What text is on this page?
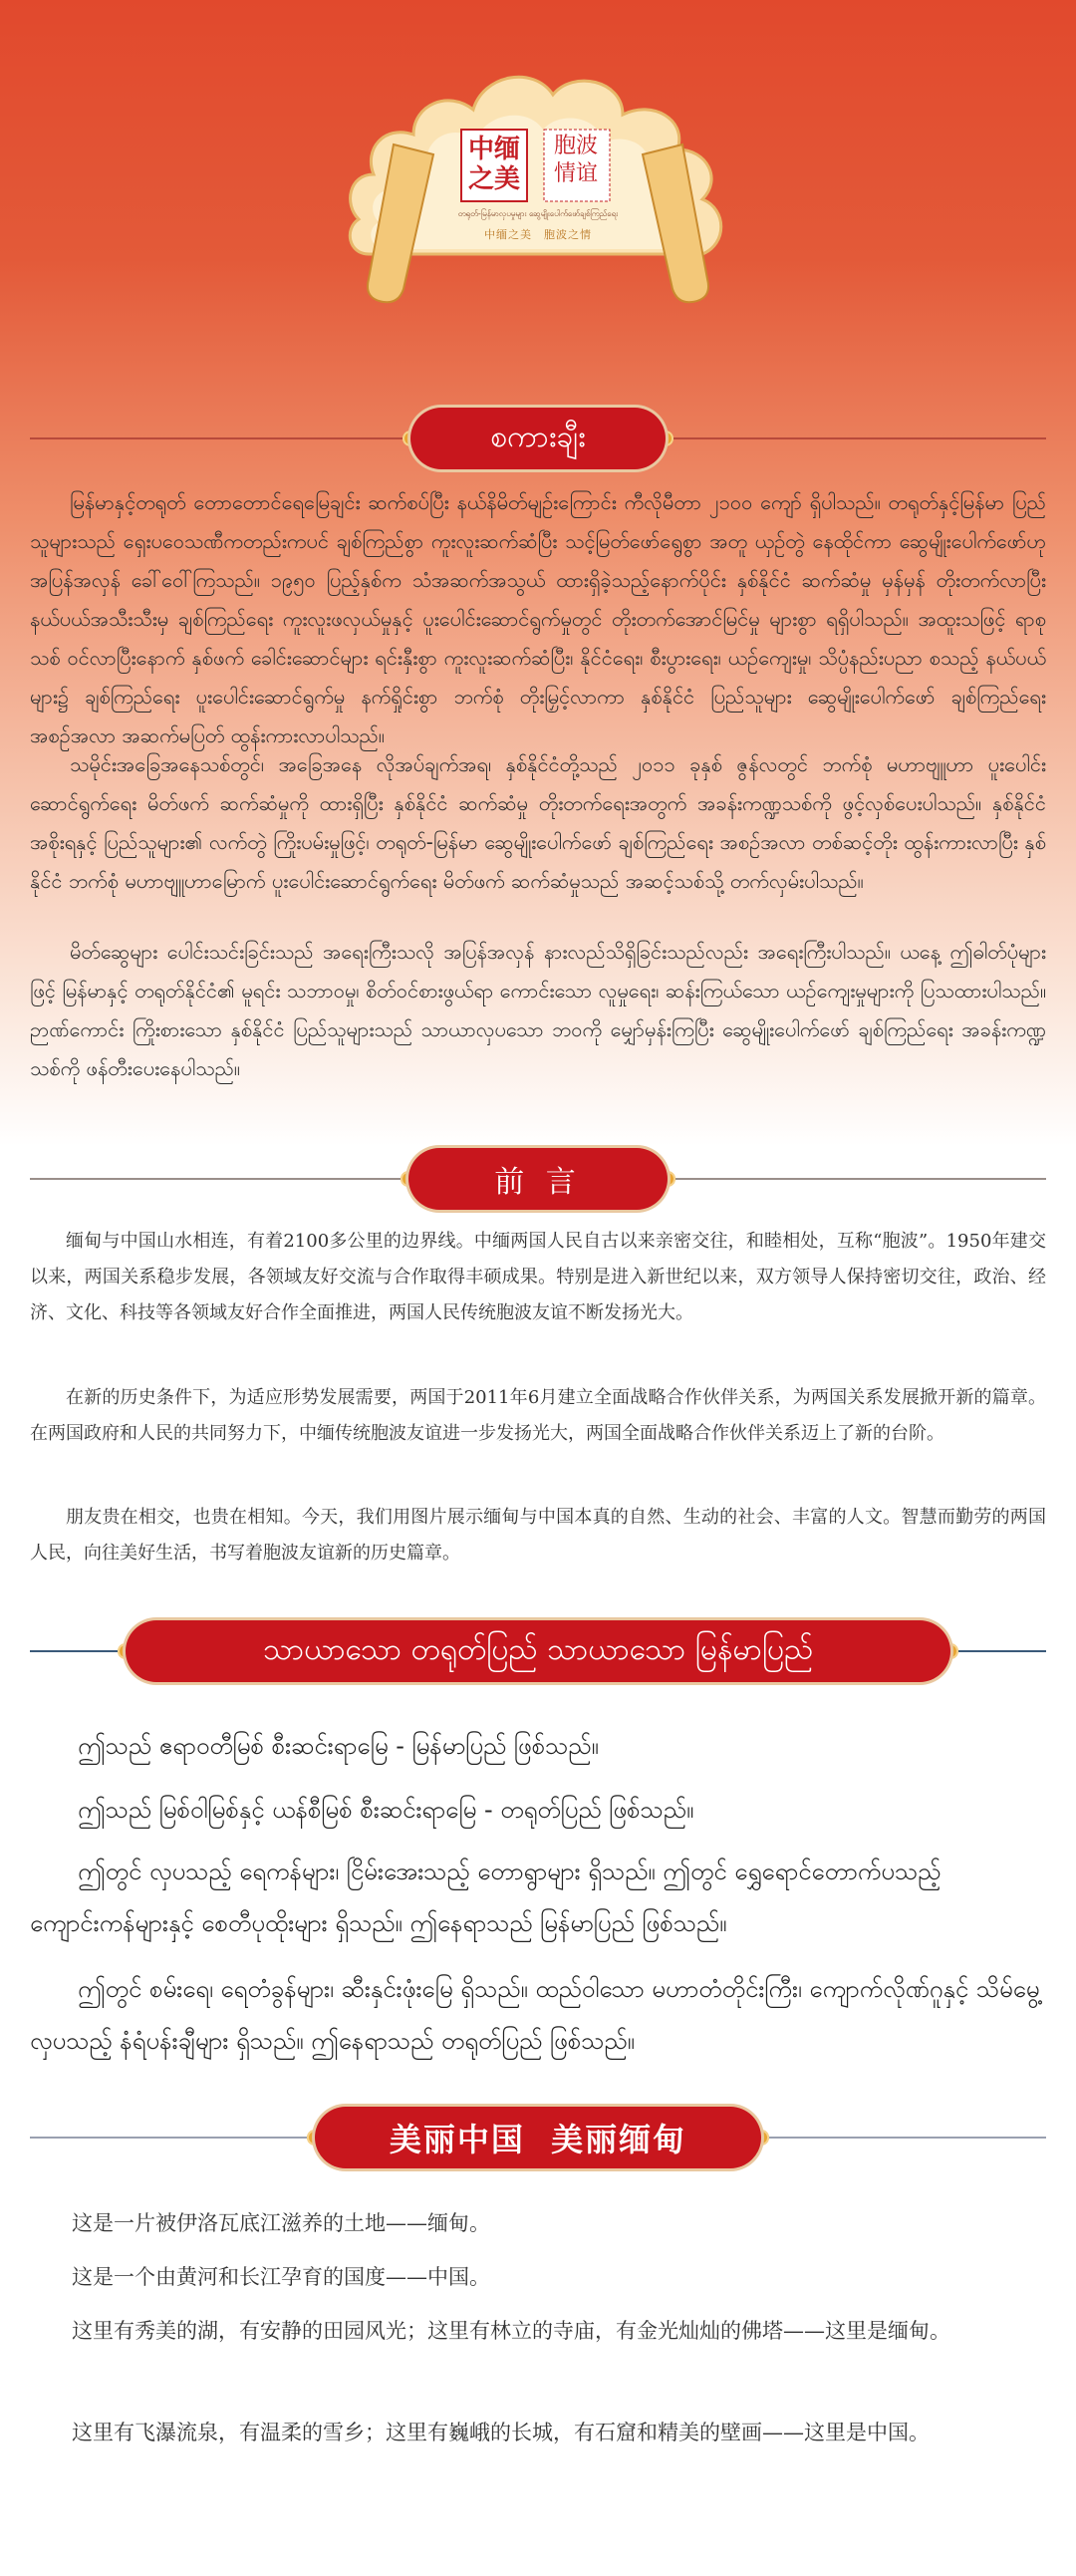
中缅之美
胞波情谊
တရုတ်-မြန်မာလှပမှုများ ဆွေမျိုးပေါက်ဖော်ချစ်ကြည်ရေး
中缅之美　胞波之情
စကားချီး
မြန်မာနှင့်တရုတ် တောတောင်ရေမြေချင်း ဆက်စပ်ပြီး နယ်နိမိတ်မျဉ်းကြောင်း ကီလိုမီတာ ၂၁၀၀ ကျော် ရှိပါသည်။ တရုတ်နှင့်မြန်မာ ပြည်သူများသည် ရှေးပဝေသဏီကတည်းကပင် ချစ်ကြည်စွာ ကူးလူးဆက်ဆံပြီး သင့်မြတ်ဖော်ရွေစွာ အတူ ယှဉ်တွဲ နေထိုင်ကာ ဆွေမျိုးပေါက်ဖော်ဟု အပြန်အလှန် ခေါ်ဝေါ်ကြသည်။ ၁၉၅၀ ပြည့်နှစ်က သံအဆက်အသွယ် ထားရှိခဲ့သည့်နောက်ပိုင်း နှစ်နိုင်ငံ ဆက်ဆံမှု မှန်မှန် တိုးတက်လာပြီး နယ်ပယ်အသီးသီးမှ ချစ်ကြည်ရေး ကူးလူးဖလှယ်မှုနှင့် ပူးပေါင်းဆောင်ရွက်မှုတွင် တိုးတက်အောင်မြင်မှု များစွာ ရရှိပါသည်။ အထူးသဖြင့် ရာစုသစ် ဝင်လာပြီးနောက် နှစ်ဖက် ခေါင်းဆောင်များ ရင်းနှီးစွာ ကူးလူးဆက်ဆံပြီး၊ နိုင်ငံရေး၊ စီးပွားရေး၊ ယဉ်ကျေးမှု၊ သိပ္ပံနည်းပညာ စသည့် နယ်ပယ်များ၌ ချစ်ကြည်ရေး ပူးပေါင်းဆောင်ရွက်မှု နက်ရှိုင်းစွာ ဘက်စုံ တိုးမြှင့်လာကာ နှစ်နိုင်ငံ ပြည်သူများ ဆွေမျိုးပေါက်ဖော် ချစ်ကြည်ရေး အစဉ်အလာ အဆက်မပြတ် ထွန်းကားလာပါသည်။
သမိုင်းအခြေအနေသစ်တွင်၊ အခြေအနေ လိုအပ်ချက်အရ၊ နှစ်နိုင်ငံတို့သည် ၂၀၁၁ ခုနှစ် ဇွန်လတွင် ဘက်စုံ မဟာဗျူဟာ ပူးပေါင်းဆောင်ရွက်ရေး မိတ်ဖက် ဆက်ဆံမှုကို ထားရှိပြီး နှစ်နိုင်ငံ ဆက်ဆံမှု တိုးတက်ရေးအတွက် အခန်းကဏ္ဍသစ်ကို ဖွင့်လှစ်ပေးပါသည်။ နှစ်နိုင်ငံ အစိုးရနှင့် ပြည်သူများ၏ လက်တွဲ ကြိုးပမ်းမှုဖြင့်၊ တရုတ်-မြန်မာ ဆွေမျိုးပေါက်ဖော် ချစ်ကြည်ရေး အစဉ်အလာ တစ်ဆင့်တိုး ထွန်းကားလာပြီး နှစ်နိုင်ငံ ဘက်စုံ မဟာဗျူဟာမြောက် ပူးပေါင်းဆောင်ရွက်ရေး မိတ်ဖက် ဆက်ဆံမှုသည် အဆင့်သစ်သို့ တက်လှမ်းပါသည်။
မိတ်ဆွေများ ပေါင်းသင်းခြင်းသည် အရေးကြီးသလို အပြန်အလှန် နားလည်သိရှိခြင်းသည်လည်း အရေးကြီးပါသည်။ ယနေ့ ဤဓါတ်ပုံများဖြင့် မြန်မာနှင့် တရုတ်နိုင်ငံ၏ မူရင်း သဘာဝမှု၊ စိတ်ဝင်စားဖွယ်ရာ ကောင်းသော လူမှုရေး၊ ဆန်းကြယ်သော ယဉ်ကျေးမှုများကို ပြသထားပါသည်။ ဉာဏ်ကောင်း ကြိုးစားသော နှစ်နိုင်ငံ ပြည်သူများသည် သာယာလှပသော ဘဝကို မျှော်မှန်းကြပြီး ဆွေမျိုးပေါက်ဖော် ချစ်ကြည်ရေး အခန်းကဏ္ဍသစ်ကို ဖန်တီးပေးနေပါသည်။
前 言
缅甸与中国山水相连，有着2100多公里的边界线。中缅两国人民自古以来亲密交往，和睦相处，互称“胞波”。1950年建交以来，两国关系稳步发展，各领域友好交流与合作取得丰硕成果。特别是进入新世纪以来，双方领导人保持密切交往，政治、经济、文化、科技等各领域友好合作全面推进，两国人民传统胞波友谊不断发扬光大。
在新的历史条件下，为适应形势发展需要，两国于2011年6月建立全面战略合作伙伴关系，为两国关系发展掀开新的篇章。在两国政府和人民的共同努力下，中缅传统胞波友谊进一步发扬光大，两国全面战略合作伙伴关系迈上了新的台阶。
朋友贵在相交，也贵在相知。今天，我们用图片展示缅甸与中国本真的自然、生动的社会、丰富的人文。智慧而勤劳的两国人民，向往美好生活，书写着胞波友谊新的历史篇章。
သာယာသော တရုတ်ပြည် သာယာသော မြန်မာပြည်
ဤသည် ဧရာဝတီမြစ် စီးဆင်းရာမြေ - မြန်မာပြည် ဖြစ်သည်။
ဤသည် မြစ်ဝါမြစ်နှင့် ယန်စီမြစ် စီးဆင်းရာမြေ - တရုတ်ပြည် ဖြစ်သည်။
ဤတွင် လှပသည့် ရေကန်များ၊ ငြိမ်းအေးသည့် တောရွာများ ရှိသည်။ ဤတွင် ရွှေရောင်တောက်ပသည့် ကျောင်းကန်များနှင့် စေတီပုထိုးများ ရှိသည်။ ဤနေရာသည် မြန်မာပြည် ဖြစ်သည်။
ဤတွင် စမ်းရေ၊ ရေတံခွန်များ၊ ဆီးနှင်းဖုံးမြေ ရှိသည်။ ထည်ဝါသော မဟာတံတိုင်းကြီး၊ ကျောက်လိုဏ်ဂူနှင့် သိမ်မွေ့လှပသည့် နံရံပန်းချီများ ရှိသည်။ ဤနေရာသည် တရုတ်ပြည် ဖြစ်သည်။
美丽中国  美丽缅甸
这是一片被伊洛瓦底江滋养的土地——缅甸。
这是一个由黄河和长江孕育的国度——中国。
这里有秀美的湖，有安静的田园风光；这里有林立的寺庙，有金光灿灿的佛塔——这里是缅甸。
这里有飞瀑流泉，有温柔的雪乡；这里有巍峨的长城，有石窟和精美的壁画——这里是中国。
